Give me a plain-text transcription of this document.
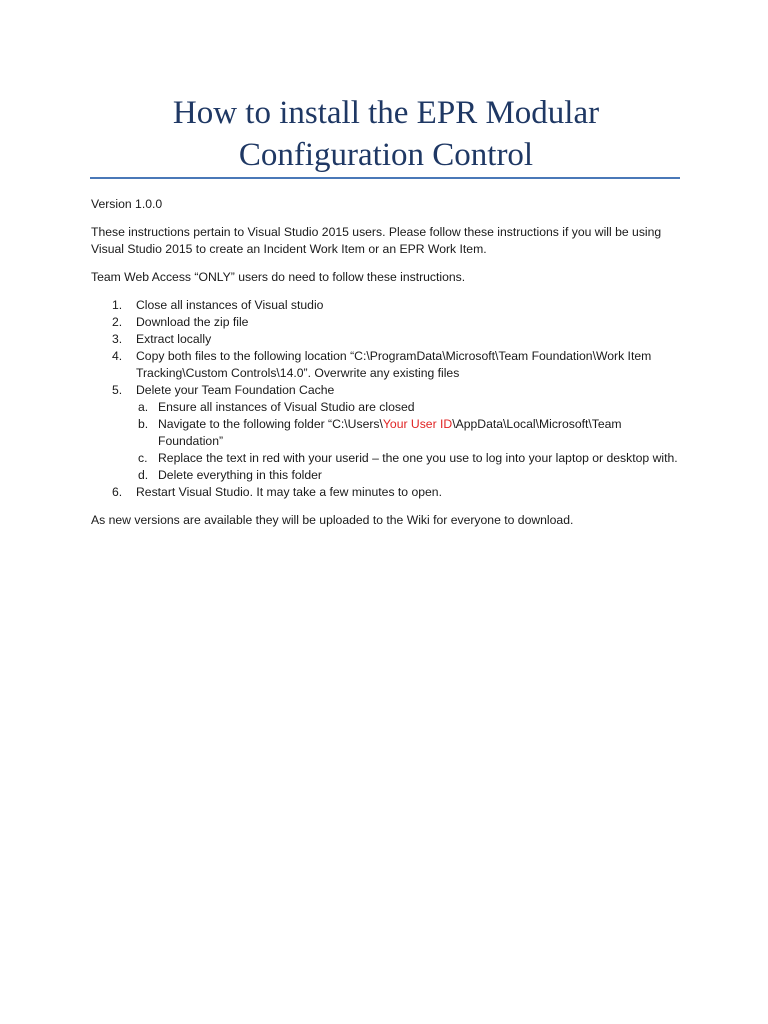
How to install the EPR Modular Configuration Control

Version 1.0.0

These instructions pertain to Visual Studio 2015 users. Please follow these instructions if you will be using Visual Studio 2015 to create an Incident Work Item or an EPR Work Item.

Team Web Access “ONLY” users do need to follow these instructions.

1. Close all instances of Visual studio
2. Download the zip file
3. Extract locally
4. Copy both files to the following location “C:\ProgramData\Microsoft\Team Foundation\Work Item Tracking\Custom Controls\14.0”. Overwrite any existing files
5. Delete your Team Foundation Cache
a. Ensure all instances of Visual Studio are closed
b. Navigate to the following folder “C:\Users\Your User ID\AppData\Local\Microsoft\Team Foundation”
c. Replace the text in red with your userid – the one you use to log into your laptop or desktop with.
d. Delete everything in this folder
6. Restart Visual Studio. It may take a few minutes to open.

As new versions are available they will be uploaded to the Wiki for everyone to download.
